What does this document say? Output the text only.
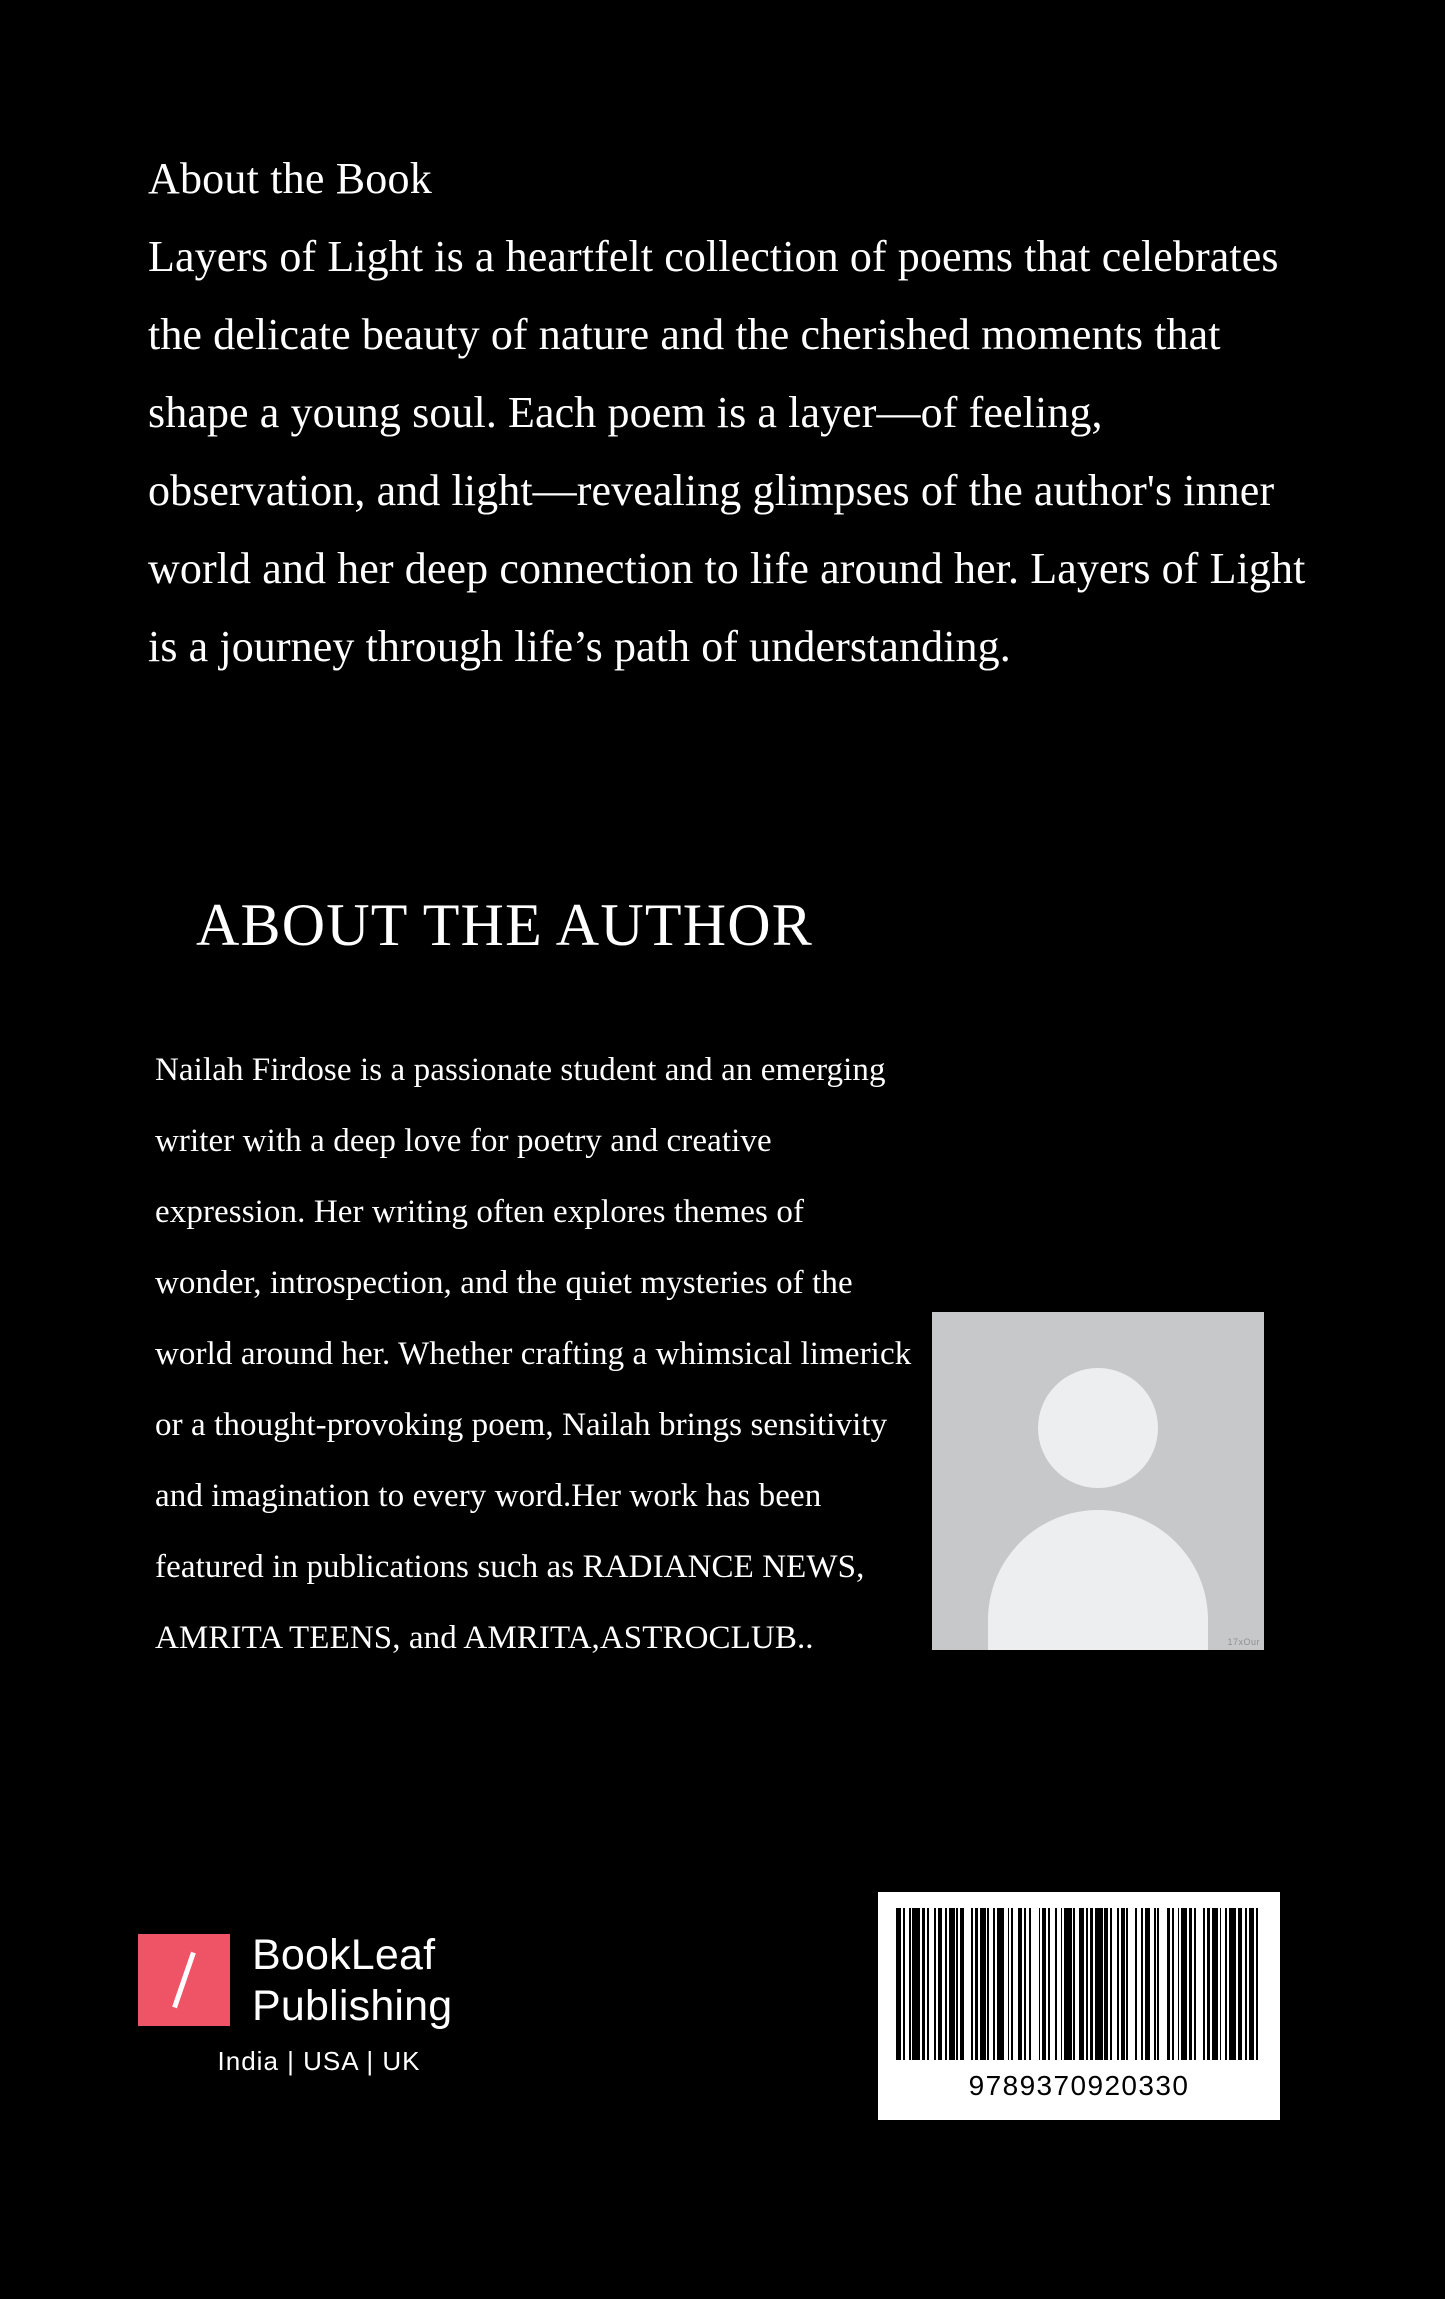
About the Book
Layers of Light is a heartfelt collection of poems that celebrates the delicate beauty of nature and the cherished moments that shape a young soul. Each poem is a layer—of feeling, observation, and light—revealing glimpses of the author's inner world and her deep connection to life around her. Layers of Light is a journey through life’s path of understanding.
ABOUT THE AUTHOR
Nailah Firdose is a passionate student and an emerging writer with a deep love for poetry and creative expression. Her writing often explores themes of wonder, introspection, and the quiet mysteries of the world around her. Whether crafting a whimsical limerick or a thought-provoking poem, Nailah brings sensitivity and imagination to every word.Her work has been featured in publications such as RADIANCE NEWS, AMRITA TEENS, and AMRITA,ASTROCLUB..	17xOur
BookLeaf
Publishing
India | USA | UK
9789370920330
